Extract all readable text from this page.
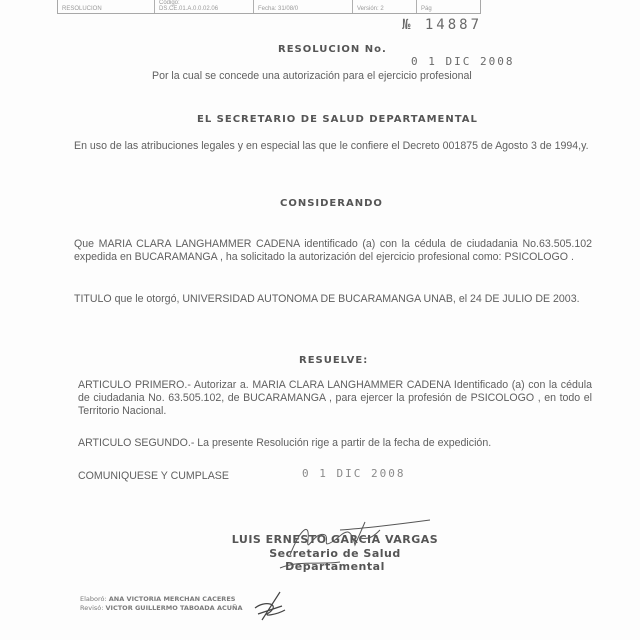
RESOLUCION
Código:
DS.CE.01.A.0.0.02.06	Fecha: 31/08/0	Versión: 2	Pág
№ 14887
RESOLUCION No.
0 1 DIC 2008
Por la cual se concede una autorización para el ejercicio profesional
EL SECRETARIO DE SALUD DEPARTAMENTAL
En uso de las atribuciones legales y en especial las que le confiere el Decreto 001875 de Agosto 3 de 1994,y.
CONSIDERANDO
Que MARIA CLARA LANGHAMMER CADENA identificado (a) con la cédula de ciudadania No.63.505.102 expedida en BUCARAMANGA , ha solicitado la autorización del ejercicio profesional como: PSICOLOGO .
TITULO que le otorgó, UNIVERSIDAD AUTONOMA DE BUCARAMANGA UNAB, el 24 DE JULIO DE 2003.
RESUELVE:
ARTICULO PRIMERO.- Autorizar a. MARIA CLARA LANGHAMMER CADENA Identificado (a) con la cédula de ciudadania No. 63.505.102, de BUCARAMANGA , para ejercer la profesión de PSICOLOGO , en todo el Territorio Nacional.
ARTICULO SEGUNDO.- La presente Resolución rige a partir de la fecha de expedición.
COMUNIQUESE Y CUMPLASE	0 1 DIC 2008
LUIS ERNESTO GARCIA VARGAS
Secretario de Salud Departamental
Elaboró: ANA VICTORIA MERCHAN CACERES
Revisó: VICTOR GUILLERMO TABOADA ACUÑA
